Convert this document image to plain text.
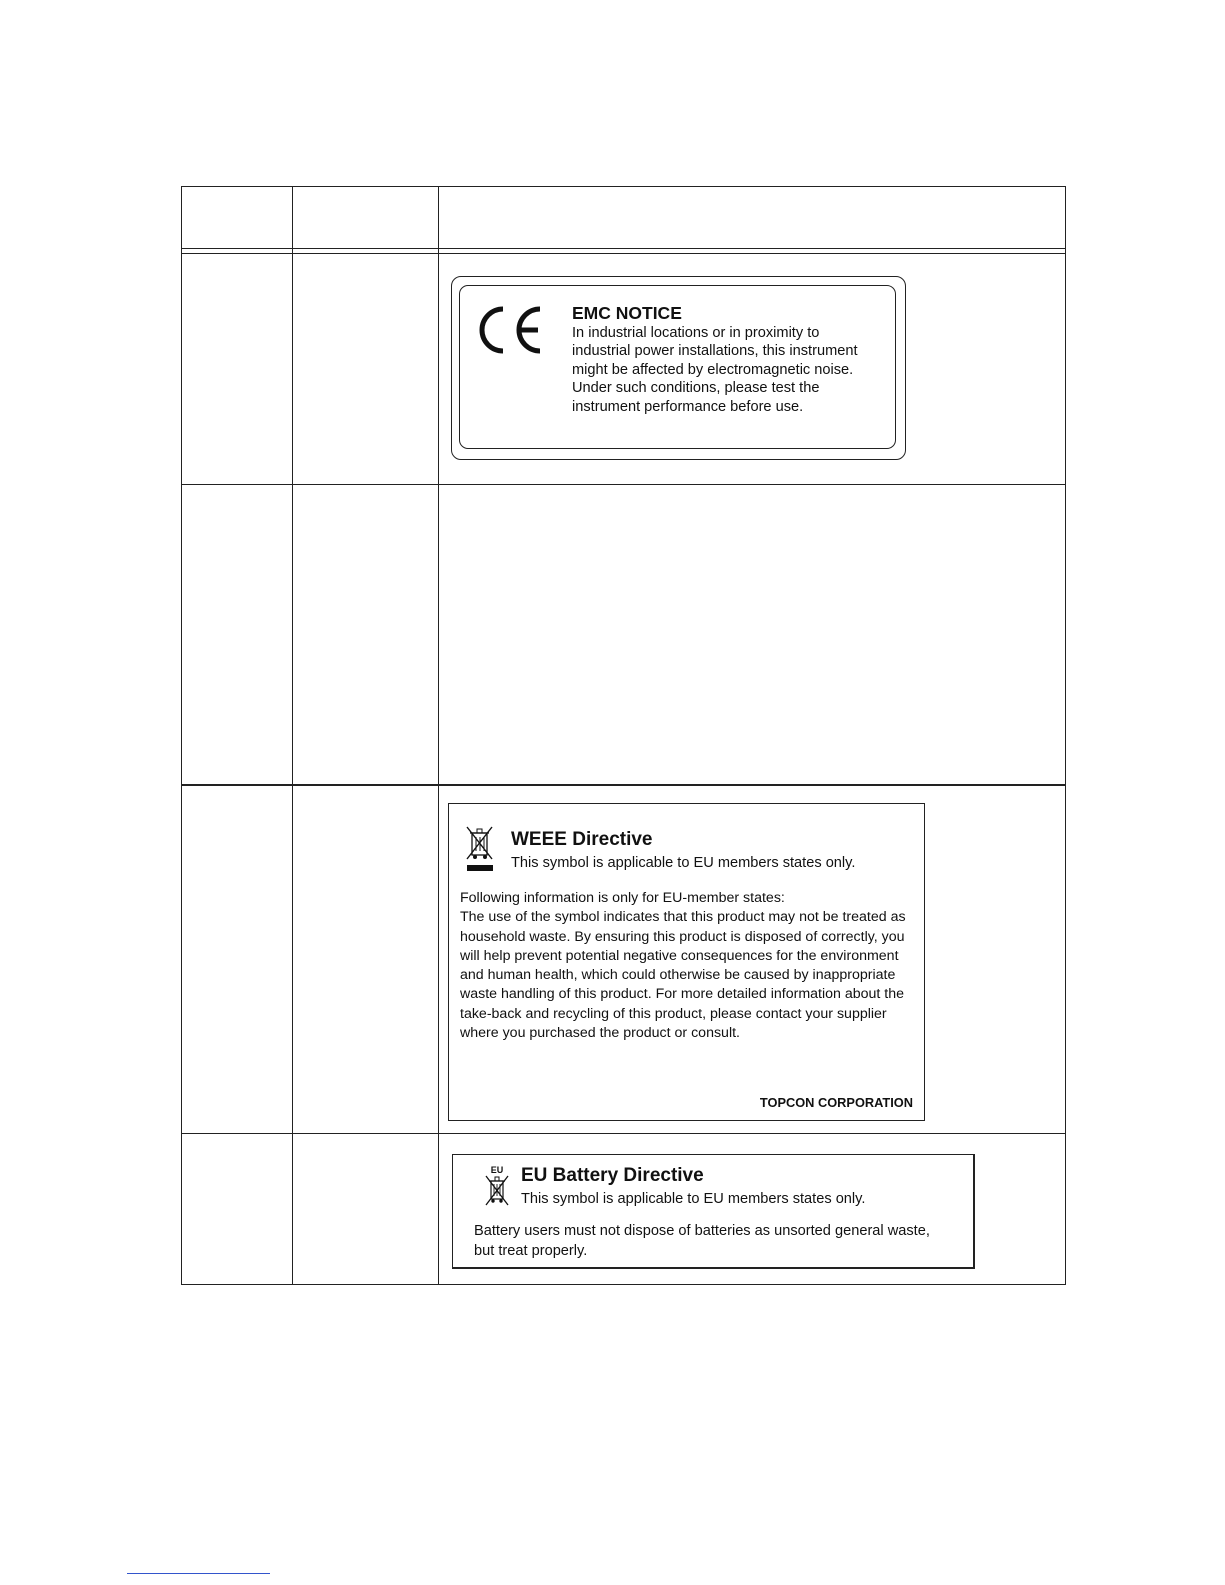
EMC NOTICE
In industrial locations or in proximity to
industrial power installations, this instrument
might be affected by electromagnetic noise.
Under such conditions, please test the
instrument performance before use.
WEEE Directive
This symbol is applicable to EU members states only.
Following information is only for EU-member states:
The use of the symbol indicates that this product may not be treated as
household waste. By ensuring this product is disposed of correctly, you
will help prevent potential negative consequences for the environment
and human health, which could otherwise be caused by inappropriate
waste handling of this product. For more detailed information about the
take-back and recycling of this product, please contact your supplier
where you purchased the product or consult.
TOPCON CORPORATION
EU EU Battery Directive
This symbol is applicable to EU members states only.
Battery users must not dispose of batteries as unsorted general waste,
but treat properly.
